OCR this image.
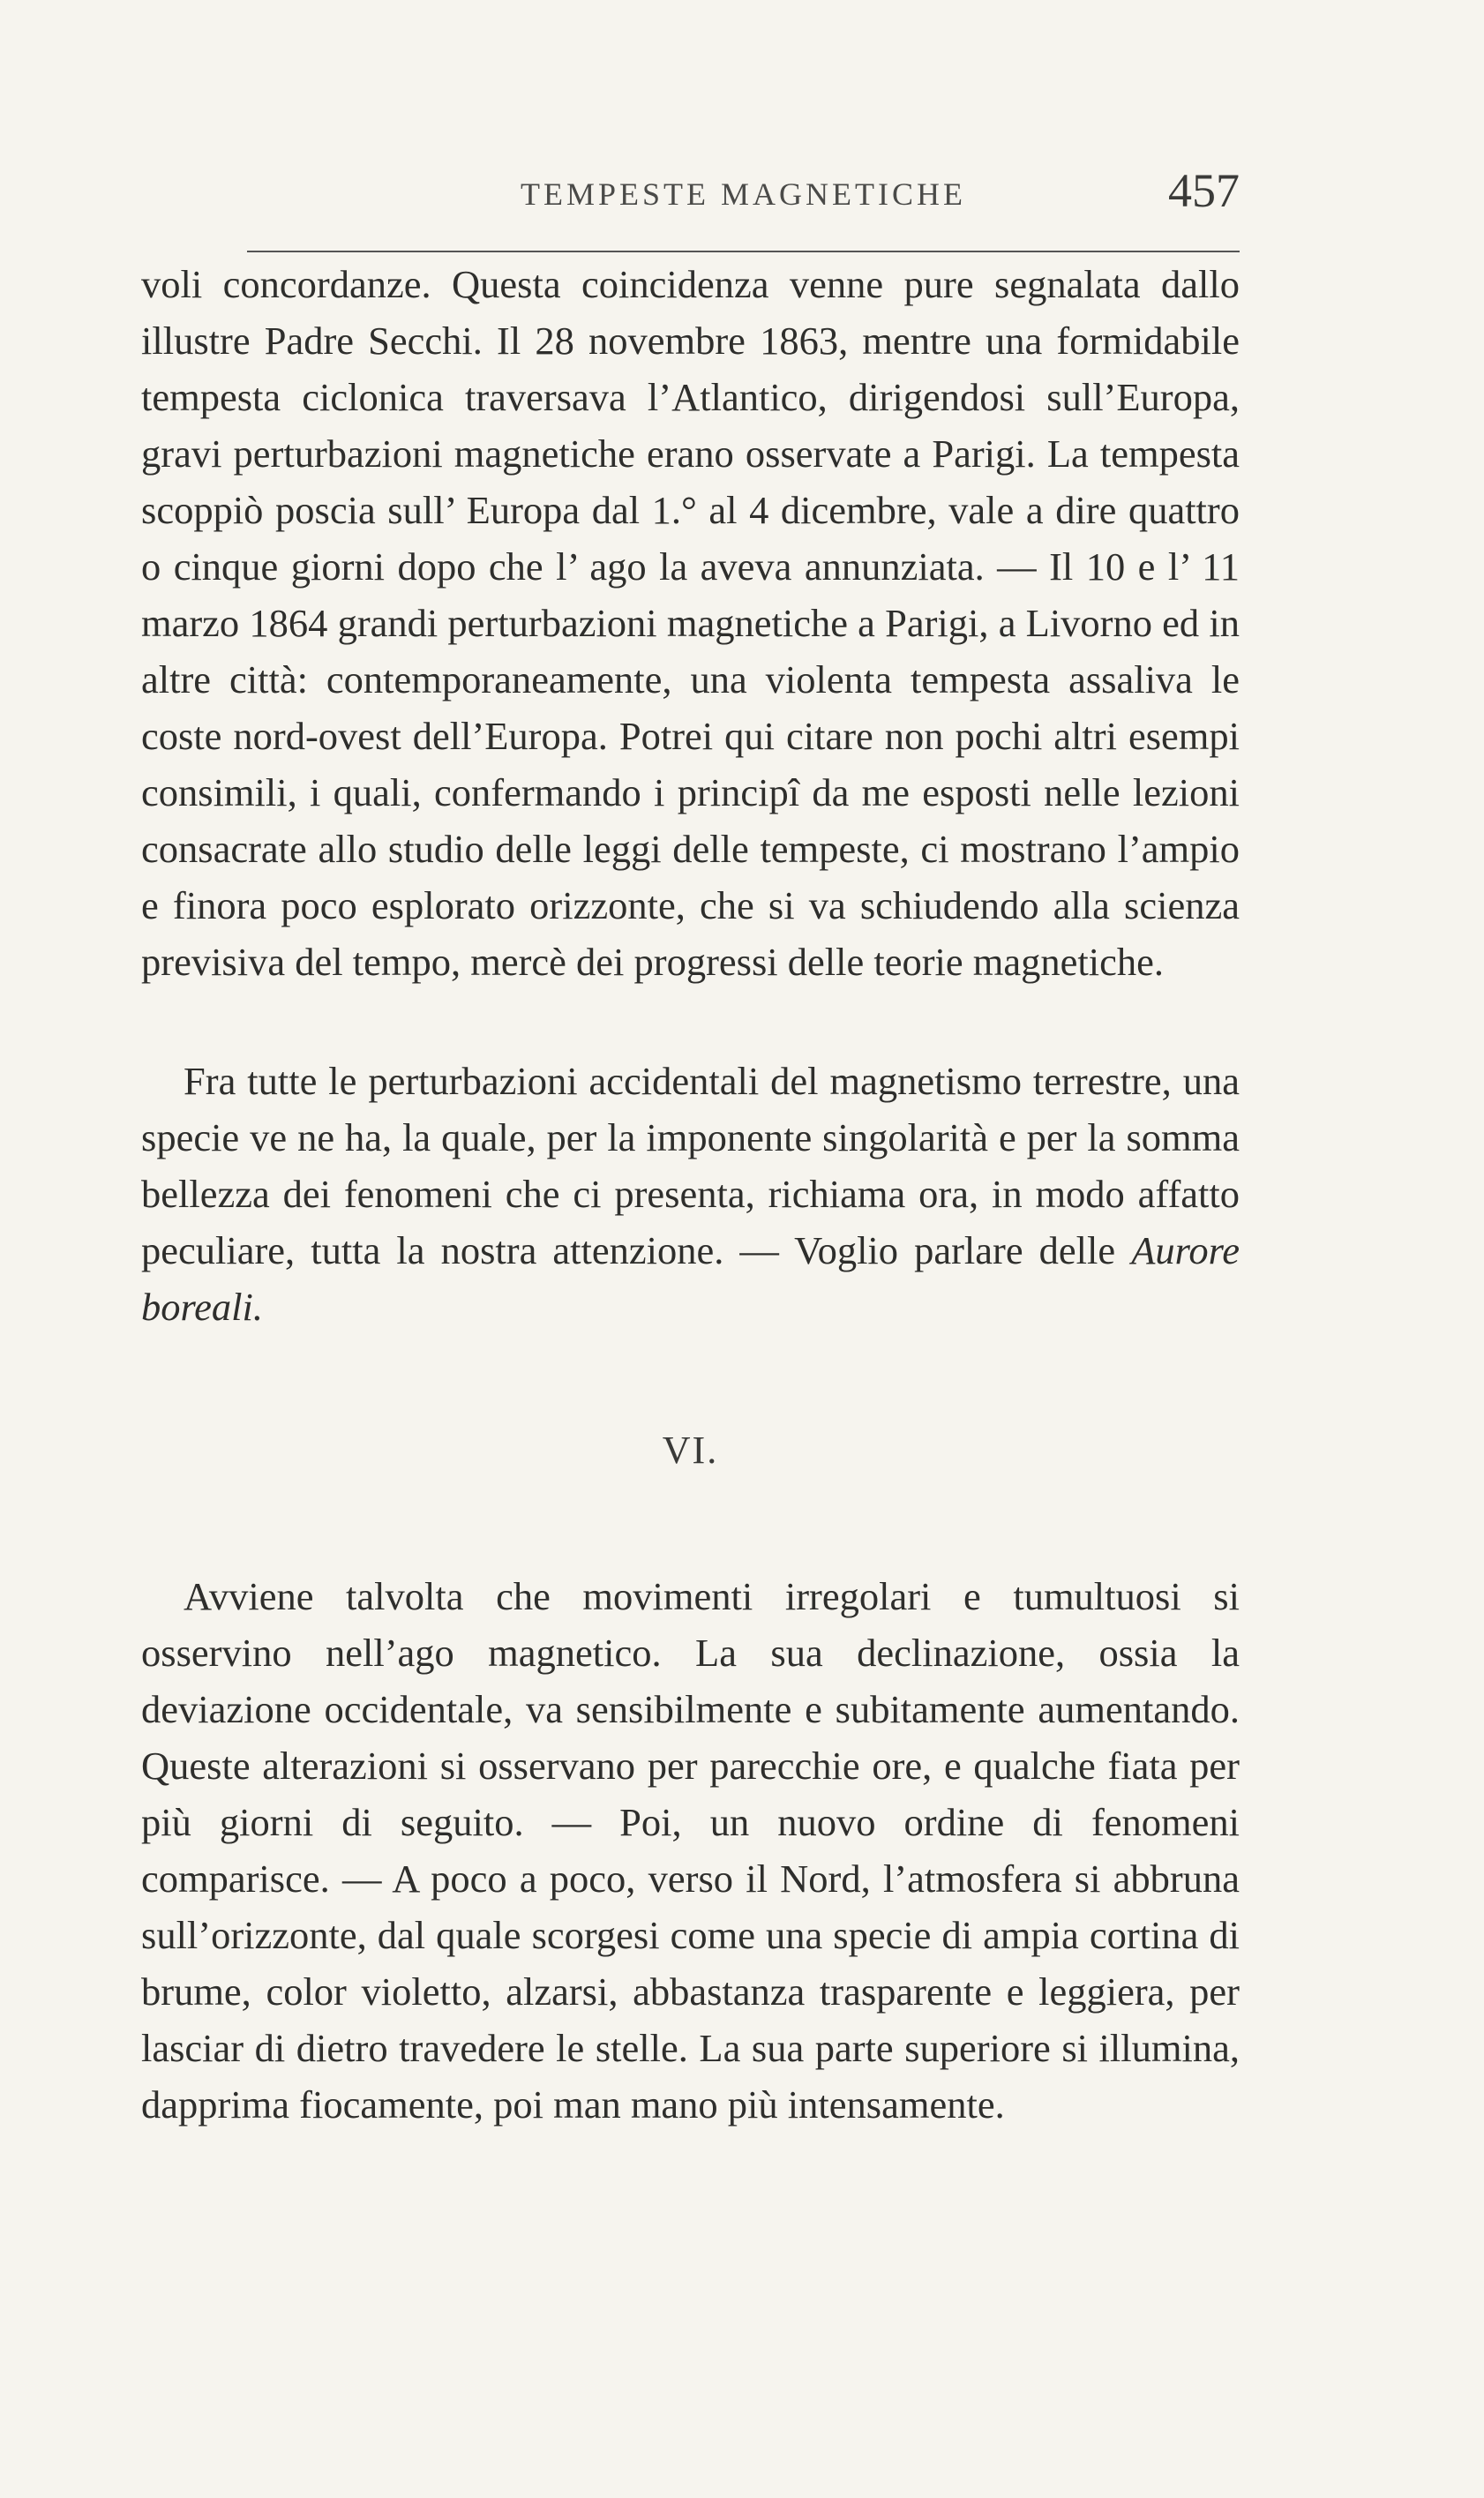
TEMPESTE MAGNETICHE	457

voli concordanze. Questa coincidenza venne pure segnalata dallo illustre Padre Secchi. Il 28 novembre 1863, mentre una formidabile tempesta ciclonica traversava l’Atlantico, dirigendosi sull’Europa, gravi perturbazioni magnetiche erano osservate a Parigi. La tempesta scoppiò poscia sull’ Europa dal 1.° al 4 dicembre, vale a dire quattro o cinque giorni dopo che l’ ago la aveva annunziata. — Il 10 e l’ 11 marzo 1864 grandi perturbazioni magnetiche a Parigi, a Livorno ed in altre città: contemporaneamente, una violenta tempesta assaliva le coste nord-ovest dell’Europa. Potrei qui citare non pochi altri esempi consimili, i quali, confermando i principî da me esposti nelle lezioni consacrate allo studio delle leggi delle tempeste, ci mostrano l’ampio e finora poco esplorato orizzonte, che si va schiudendo alla scienza previsiva del tempo, mercè dei progressi delle teorie magnetiche.

Fra tutte le perturbazioni accidentali del magnetismo terrestre, una specie ve ne ha, la quale, per la imponente singolarità e per la somma bellezza dei fenomeni che ci presenta, richiama ora, in modo affatto peculiare, tutta la nostra attenzione. — Voglio parlare delle Aurore boreali.

VI.

Avviene talvolta che movimenti irregolari e tumultuosi si osservino nell’ago magnetico. La sua declinazione, ossia la deviazione occidentale, va sensibilmente e subitamente aumentando. Queste alterazioni si osservano per parecchie ore, e qualche fiata per più giorni di seguito. — Poi, un nuovo ordine di fenomeni comparisce. — A poco a poco, verso il Nord, l’atmosfera si abbruna sull’orizzonte, dal quale scorgesi come una specie di ampia cortina di brume, color violetto, alzarsi, abbastanza trasparente e leggiera, per lasciar di dietro travedere le stelle. La sua parte superiore si illumina, dapprima fiocamente, poi man mano più intensamente.
